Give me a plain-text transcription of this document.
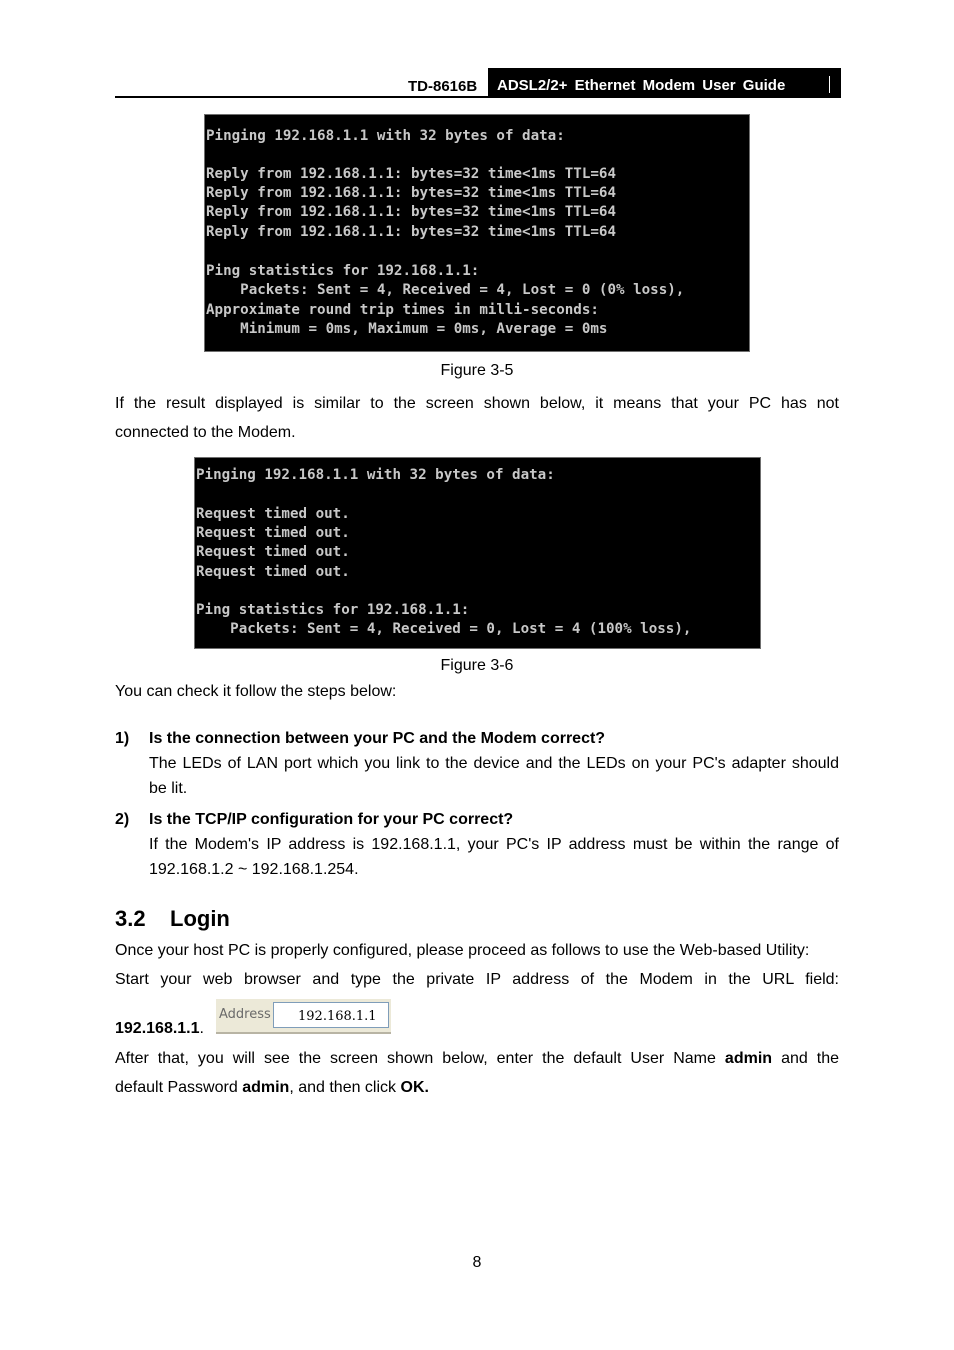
TD-8616B ADSL2/2+ Ethernet Modem User Guide
Pinging 192.168.1.1 with 32 bytes of data:
Reply from 192.168.1.1: bytes=32 time<1ms TTL=64
Reply from 192.168.1.1: bytes=32 time<1ms TTL=64
Reply from 192.168.1.1: bytes=32 time<1ms TTL=64
Reply from 192.168.1.1: bytes=32 time<1ms TTL=64
Ping statistics for 192.168.1.1:
Packets: Sent = 4, Received = 4, Lost = 0 (0% loss),
Approximate round trip times in milli-seconds:
Minimum = 0ms, Maximum = 0ms, Average = 0ms
Figure 3-5
If the result displayed is similar to the screen shown below, it means that your PC has not
connected to the Modem.
Pinging 192.168.1.1 with 32 bytes of data:
Request timed out.
Request timed out.
Request timed out.
Request timed out.
Ping statistics for 192.168.1.1:
Packets: Sent = 4, Received = 0, Lost = 4 (100% loss),
Figure 3-6
You can check it follow the steps below:
1) Is the connection between your PC and the Modem correct?
The LEDs of LAN port which you link to the device and the LEDs on your PC's adapter should
be lit.
2) Is the TCP/IP configuration for your PC correct?
If the Modem's IP address is 192.168.1.1, your PC's IP address must be within the range of
192.168.1.2 ~ 192.168.1.254.
3.2 Login
Once your host PC is properly configured, please proceed as follows to use the Web-based Utility:
Start your web browser and type the private IP address of the Modem in the URL field:
192.168.1.1.
Address 192.168.1.1
After that, you will see the screen shown below, enter the default User Name admin and the
default Password admin, and then click OK.
8
